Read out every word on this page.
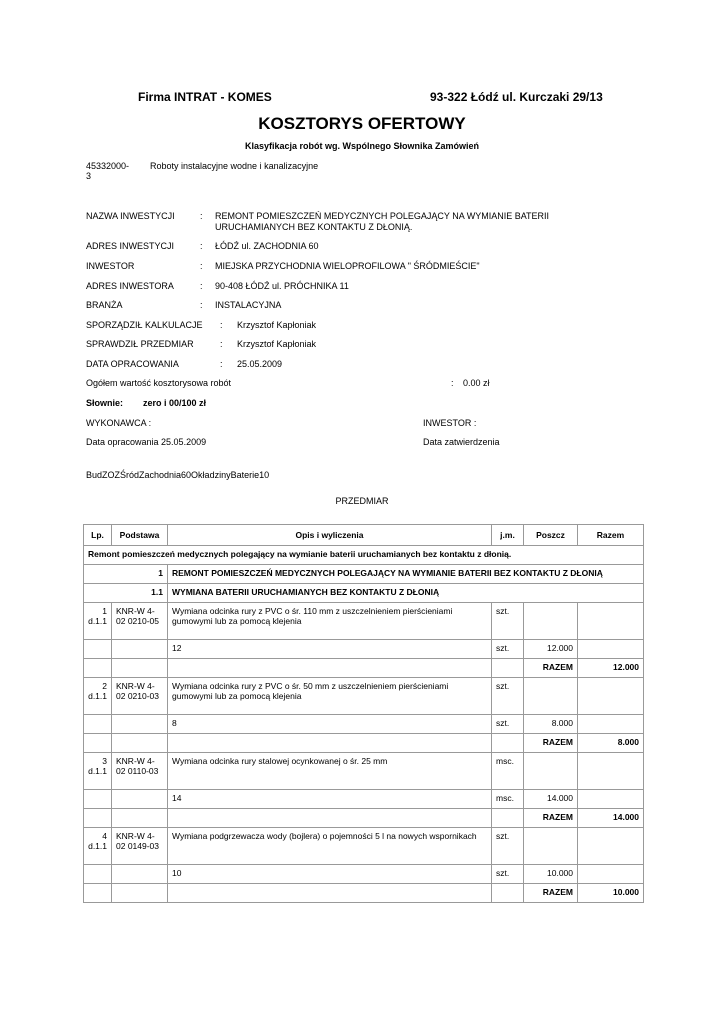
Firma INTRAT - KOMES	93-322 Łódź ul. Kurczaki 29/13
KOSZTORYS OFERTOWY
Klasyfikacja robót wg. Wspólnego Słownika Zamówień
45332000-
3
Roboty instalacyjne wodne i kanalizacyjne
NAZWA INWESTYCJI	: REMONT POMIESZCZEŃ MEDYCZNYCH POLEGAJĄCY NA WYMIANIE BATERII URUCHAMIANYCH BEZ KONTAKTU Z DŁONIĄ.
ADRES INWESTYCJI	: ŁÓDŹ ul. ZACHODNIA 60
INWESTOR	: MIEJSKA PRZYCHODNIA WIELOPROFILOWA " ŚRÓDMIEŚCIE"
ADRES INWESTORA	: 90-408 ŁÓDŹ ul. PRÓCHNIKA 11
BRANŻA	: INSTALACYJNA
SPORZĄDZIŁ KALKULACJE : Krzysztof Kapłoniak
SPRAWDZIŁ PRZEDMIAR	: Krzysztof Kapłoniak
DATA OPRACOWANIA	: 25.05.2009
Ogółem wartość kosztorysowa robót	: 0.00 zł
Słownie: zero i 00/100 zł
WYKONAWCA :	INWESTOR :
Data opracowania 25.05.2009	Data zatwierdzenia
BudZOZŚródZachodnia60OkładzinyBaterie10
PRZEDMIAR
Lp.	Podstawa	Opis i wyliczenia	j.m.	Poszcz	Razem
Remont pomieszczeń medycznych polegający na wymianie baterii uruchamianych bez kontaktu z dłonią.					
1		REMONT POMIESZCZEŃ MEDYCZNYCH POLEGAJĄCY NA WYMIANIE BATERII BEZ KONTAKTU Z DŁONIĄ			
1.1		WYMIANA BATERII URUCHAMIANYCH BEZ KONTAKTU Z DŁONIĄ			

1
d.1.1	KNR-W 4-02 0210-05	Wymiana odcinka rury z PVC o śr. 110 mm z uszczelnieniem pierścieniami gumowymi lub za pomocą klejenia	szt.		
		12	szt.	12.000	
				RAZEM	12.000

2
d.1.1	KNR-W 4-02 0210-03	Wymiana odcinka rury z PVC o śr. 50 mm z uszczelnieniem pierścieniami gumowymi lub za pomocą klejenia	szt.		
		8	szt.	8.000	
				RAZEM	8.000

3
d.1.1	KNR-W 4-02 0110-03	Wymiana odcinka rury stalowej ocynkowanej o śr. 25 mm	msc.		
		14	msc.	14.000	
				RAZEM	14.000

4
d.1.1	KNR-W 4-02 0149-03	Wymiana podgrzewacza wody (bojlera) o pojemności 5 l na nowych wspornikach	szt.		
		10	szt.	10.000	
				RAZEM	10.000
